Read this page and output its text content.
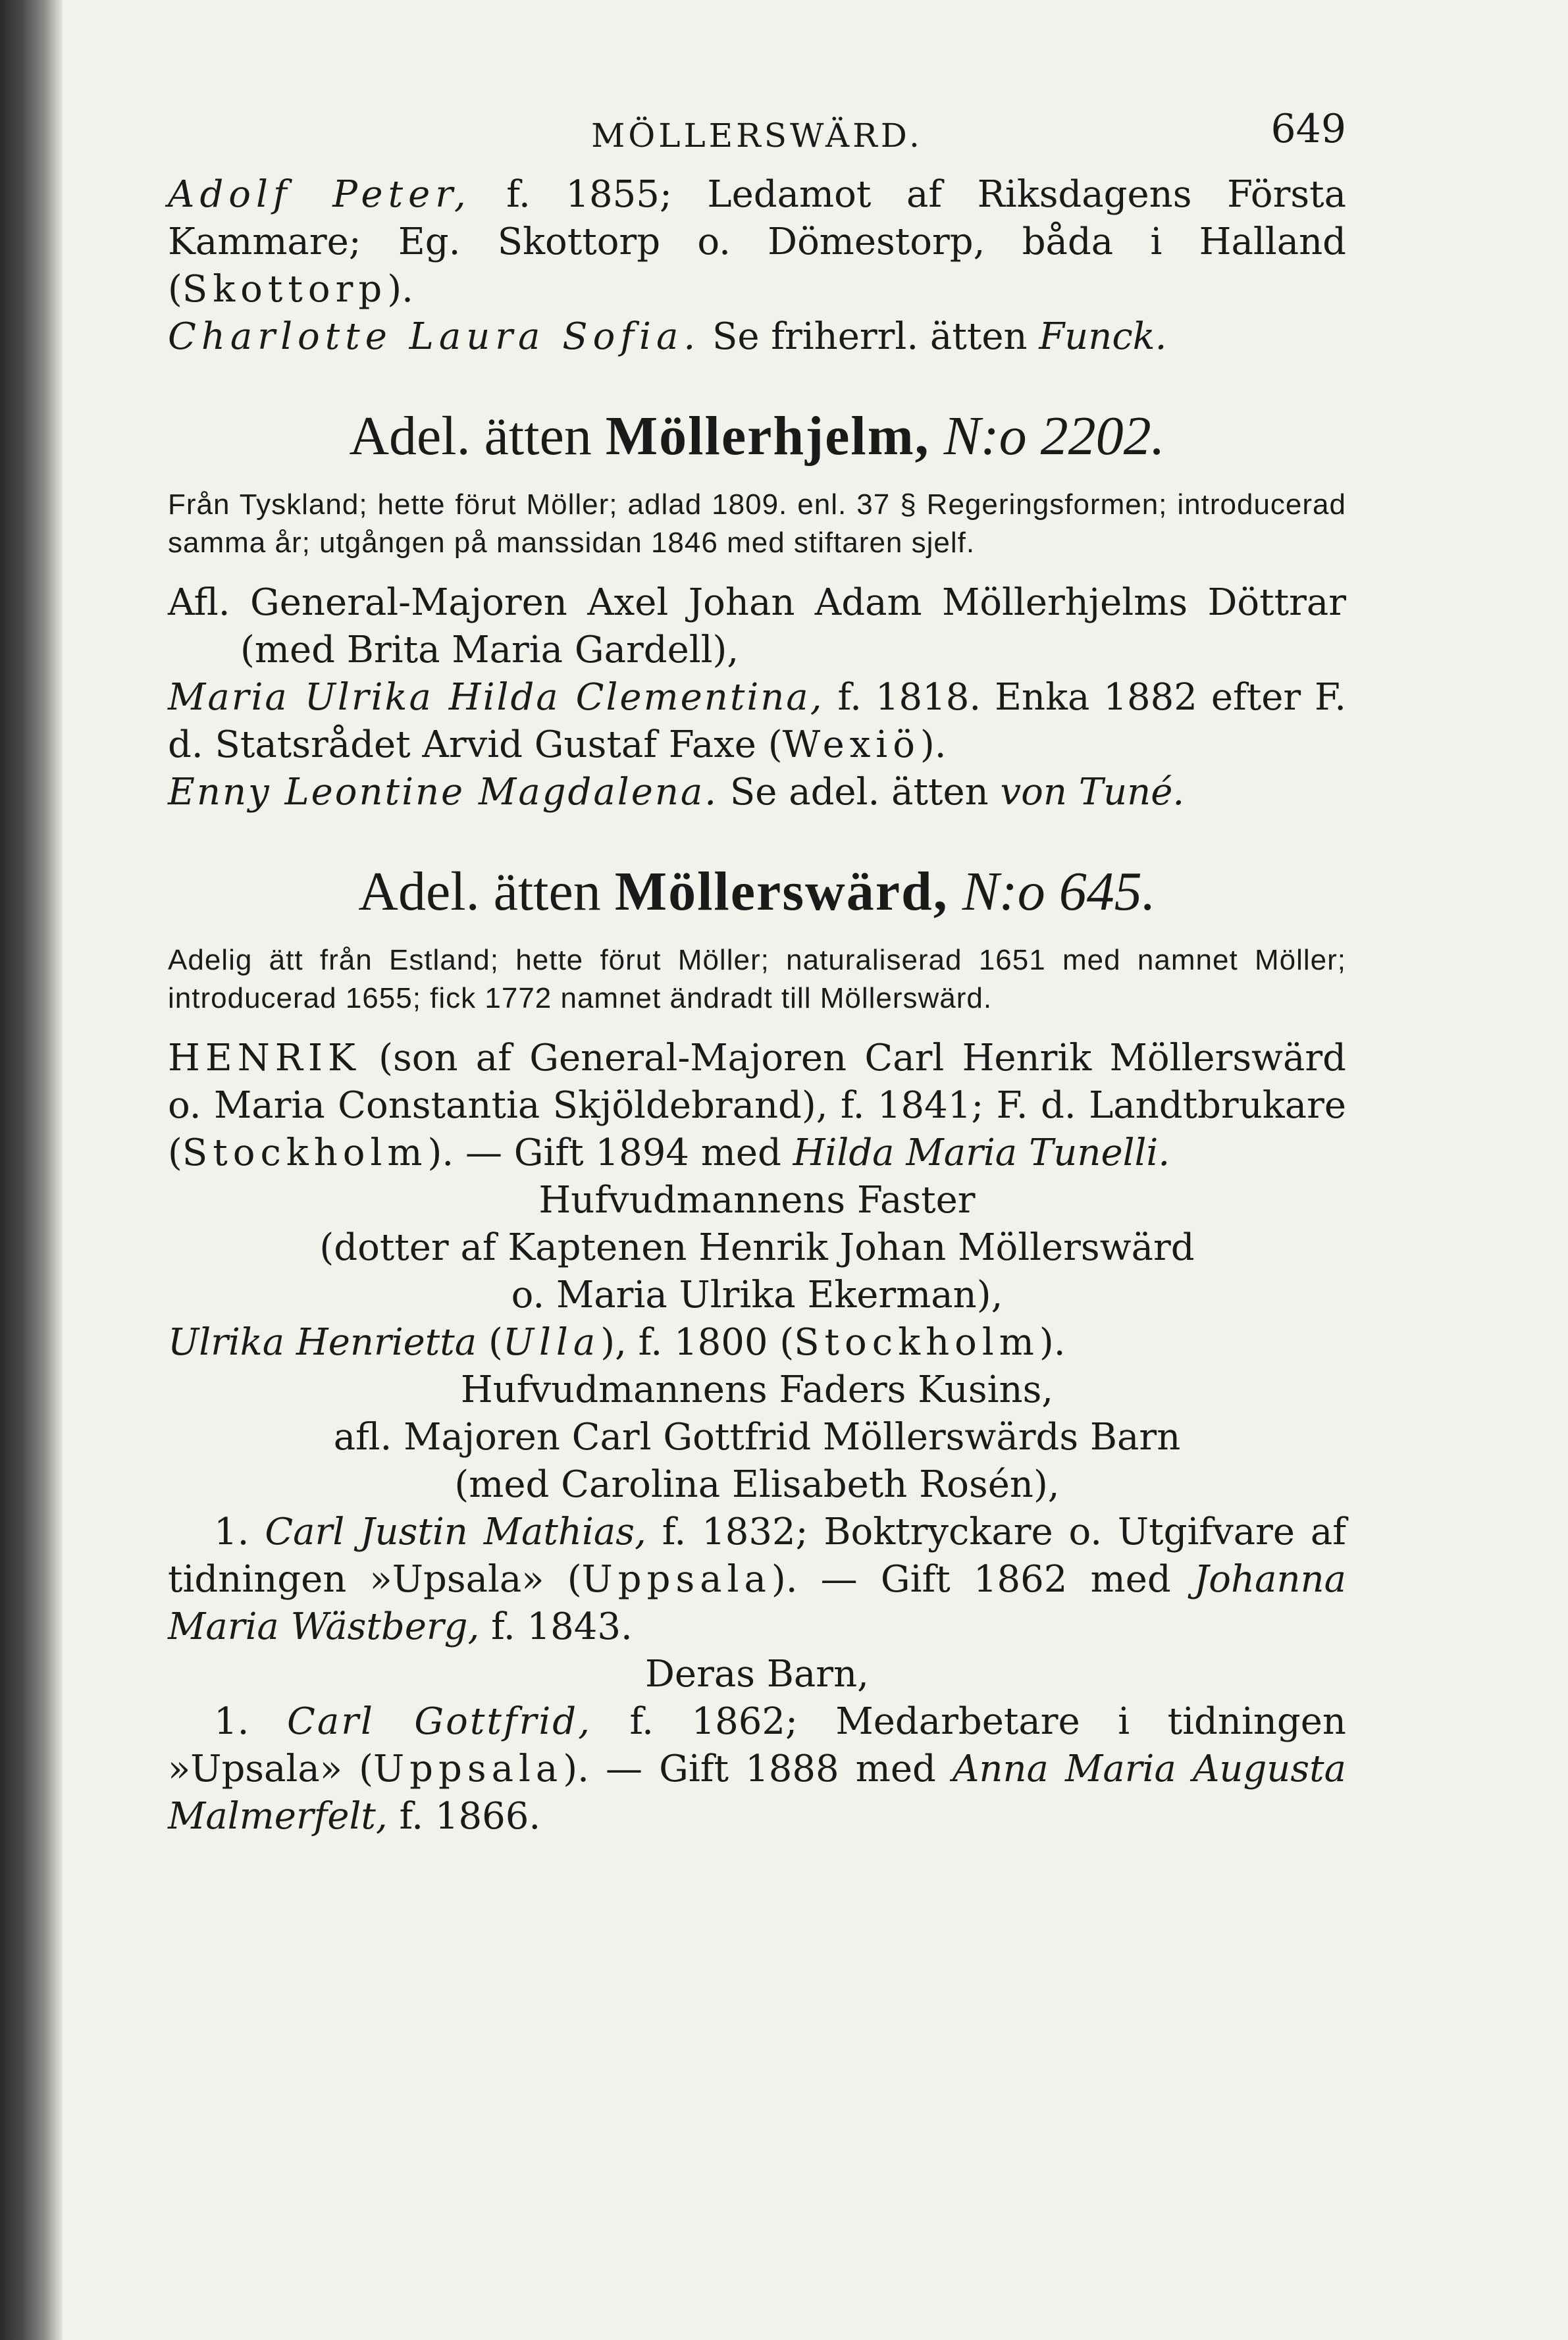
MÖLLERSWÄRD.	649

Adolf Peter, f. 1855; Ledamot af Riksdagens Första Kammare; Eg. Skottorp o. Dömestorp, båda i Halland (Skottorp).

Charlotte Laura Sofia. Se friherrl. ätten Funck.

Adel. ätten Möllerhjelm, N:o 2202.

Från Tyskland; hette förut Möller; adlad 1809. enl. 37 § Regeringsformen; introducerad samma år; utgången på manssidan 1846 med stiftaren sjelf.

Afl. General-Majoren Axel Johan Adam Möllerhjelms Döttrar (med Brita Maria Gardell),

Maria Ulrika Hilda Clementina, f. 1818. Enka 1882 efter F. d. Statsrådet Arvid Gustaf Faxe (Wexiö).

Enny Leontine Magdalena. Se adel. ätten von Tuné.

Adel. ätten Möllerswärd, N:o 645.

Adelig ätt från Estland; hette förut Möller; naturaliserad 1651 med namnet Möller; introducerad 1655; fick 1772 namnet ändradt till Möllerswärd.

HENRIK (son af General-Majoren Carl Henrik Möllerswärd o. Maria Constantia Skjöldebrand), f. 1841; F. d. Landtbrukare (Stockholm). — Gift 1894 med Hilda Maria Tunelli.

Hufvudmannens Faster

(dotter af Kaptenen Henrik Johan Möllerswärd

o. Maria Ulrika Ekerman),

Ulrika Henrietta (Ulla), f. 1800 (Stockholm).

Hufvudmannens Faders Kusins,

afl. Majoren Carl Gottfrid Möllerswärds Barn

(med Carolina Elisabeth Rosén),

1. Carl Justin Mathias, f. 1832; Boktryckare o. Utgifvare af tidningen »Upsala» (Uppsala). — Gift 1862 med Johanna Maria Wästberg, f. 1843.

Deras Barn,

1. Carl Gottfrid, f. 1862; Medarbetare i tidningen »Upsala» (Uppsala). — Gift 1888 med Anna Maria Augusta Malmerfelt, f. 1866.
